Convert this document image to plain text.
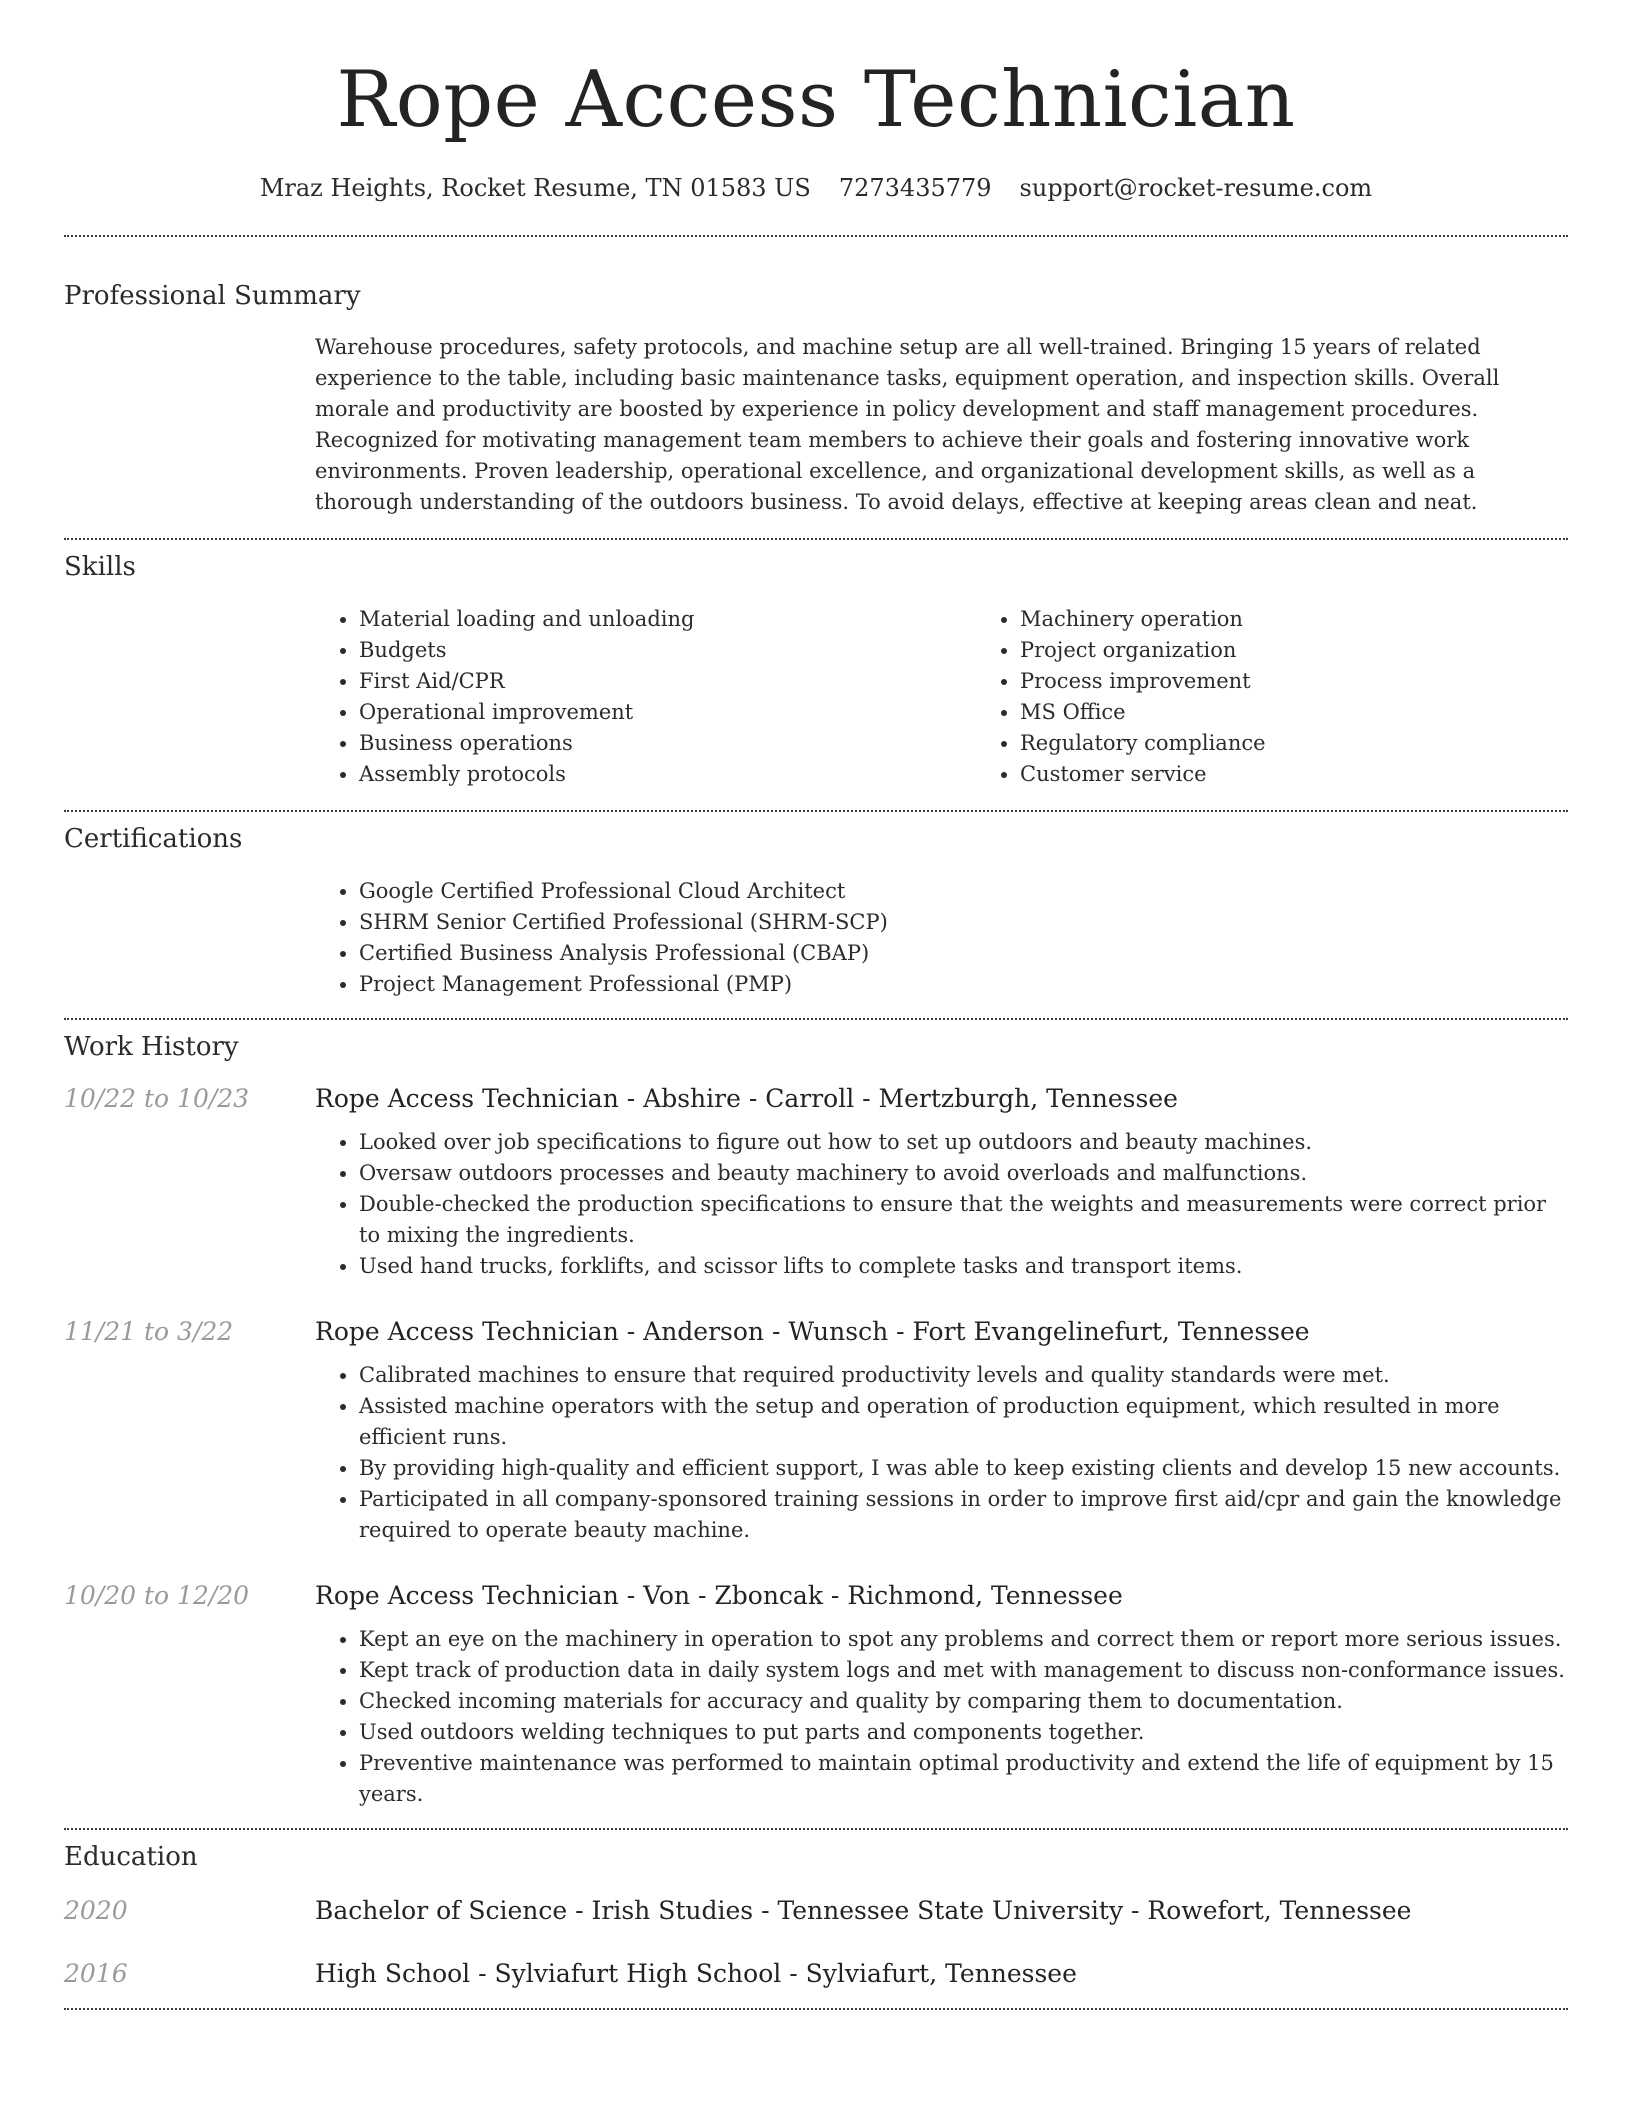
Rope Access Technician
Mraz Heights, Rocket Resume, TN 01583 US 7273435779 support@rocket-resume.com
Professional Summary

Warehouse procedures, safety protocols, and machine setup are all well-trained. Bringing 15 years of related experience to the table, including basic maintenance tasks, equipment operation, and inspection skills. Overall morale and productivity are boosted by experience in policy development and staff management procedures. Recognized for motivating management team members to achieve their goals and fostering innovative work environments. Proven leadership, operational excellence, and organizational development skills, as well as a thorough understanding of the outdoors business. To avoid delays, effective at keeping areas clean and neat.

Skills
• Material loading and unloading
• Budgets
• First Aid/CPR
• Operational improvement
• Business operations
• Assembly protocols
• Machinery operation
• Project organization
• Process improvement
• MS Office
• Regulatory compliance
• Customer service
Certifications
• Google Certified Professional Cloud Architect
• SHRM Senior Certified Professional (SHRM-SCP)
• Certified Business Analysis Professional (CBAP)
• Project Management Professional (PMP)
Work History
10/22 to 10/23	Rope Access Technician - Abshire - Carroll - Mertzburgh, Tennessee
• Looked over job specifications to figure out how to set up outdoors and beauty machines.
• Oversaw outdoors processes and beauty machinery to avoid overloads and malfunctions.
• Double-checked the production specifications to ensure that the weights and measurements were correct prior to mixing the ingredients.
• Used hand trucks, forklifts, and scissor lifts to complete tasks and transport items.
11/21 to 3/22	Rope Access Technician - Anderson - Wunsch - Fort Evangelinefurt, Tennessee
• Calibrated machines to ensure that required productivity levels and quality standards were met.
• Assisted machine operators with the setup and operation of production equipment, which resulted in more efficient runs.
• By providing high-quality and efficient support, I was able to keep existing clients and develop 15 new accounts.
• Participated in all company-sponsored training sessions in order to improve first aid/cpr and gain the knowledge required to operate beauty machine.
10/20 to 12/20	Rope Access Technician - Von - Zboncak - Richmond, Tennessee
• Kept an eye on the machinery in operation to spot any problems and correct them or report more serious issues.
• Kept track of production data in daily system logs and met with management to discuss non-conformance issues.
• Checked incoming materials for accuracy and quality by comparing them to documentation.
• Used outdoors welding techniques to put parts and components together.
• Preventive maintenance was performed to maintain optimal productivity and extend the life of equipment by 15 years.
Education
2020	Bachelor of Science - Irish Studies - Tennessee State University - Rowefort, Tennessee
2016	High School - Sylviafurt High School - Sylviafurt, Tennessee
